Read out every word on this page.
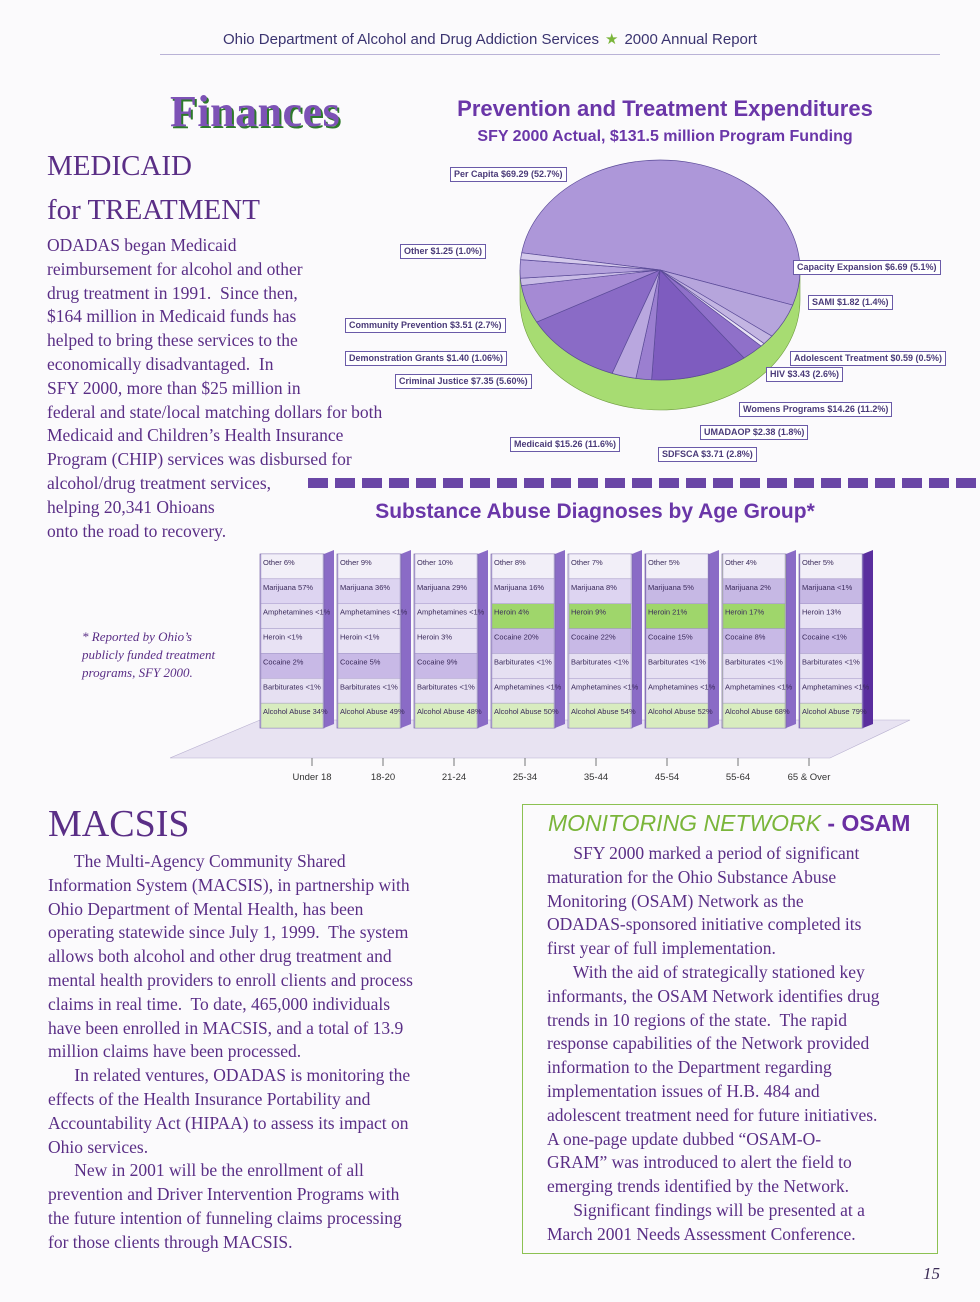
Ohio Department of Alcohol and Drug Addiction Services ★ 2000 Annual Report
Finances
MEDICAID
for TREATMENT
ODADAS began Medicaid
reimbursement for alcohol and other
drug treatment in 1991.  Since then,
$164 million in Medicaid funds has
helped to bring these services to the
economically disadvantaged.  In
SFY 2000, more than $25 million in
federal and state/local matching dollars for both
Medicaid and Children’s Health Insurance
Program (CHIP) services was disbursed for
alcohol/drug treatment services,
helping 20,341 Ohioans
onto the road to recovery.
Prevention and Treatment Expenditures
SFY 2000 Actual, $131.5 million Program Funding
Per Capita $69.29 (52.7%)
Capacity Expansion $6.69 (5.1%)
SAMI $1.82 (1.4%)
Adolescent Treatment $0.59 (0.5%)
HIV $3.43 (2.6%)
Womens Programs $14.26 (11.2%)
UMADAOP $2.38 (1.8%)
SDFSCA $3.71 (2.8%)
Medicaid $15.26 (11.6%)
Criminal Justice $7.35 (5.60%)
Demonstration Grants $1.40 (1.06%)
Community Prevention $3.51 (2.7%)
Other $1.25 (1.0%)
Substance Abuse Diagnoses by Age Group*
* Reported by Ohio’s
publicly funded treatment
programs, SFY 2000.
Other 6%
Marijuana 57%
Amphetamines <1%
Heroin <1%
Cocaine 2%
Barbiturates <1%
Alcohol Abuse 34%
Under 18
Other 9%
Marijuana 36%
Amphetamines <1%
Heroin <1%
Cocaine 5%
Barbiturates <1%
Alcohol Abuse 49%
18-20
Other 10%
Marijuana 29%
Amphetamines <1%
Heroin 3%
Cocaine 9%
Barbiturates <1%
Alcohol Abuse 48%
21-24
Other 8%
Marijuana 16%
Heroin 4%
Cocaine 20%
Barbiturates <1%
Amphetamines <1%
Alcohol Abuse 50%
25-34
Other 7%
Marijuana 8%
Heroin 9%
Cocaine 22%
Barbiturates <1%
Amphetamines <1%
Alcohol Abuse 54%
35-44
Other 5%
Marijuana 5%
Heroin 21%
Cocaine 15%
Barbiturates <1%
Amphetamines <1%
Alcohol Abuse 52%
45-54
Other 4%
Marijuana 2%
Heroin 17%
Cocaine 8%
Barbiturates <1%
Amphetamines <1%
Alcohol Abuse 68%
55-64
Other 5%
Marijuana <1%
Heroin 13%
Cocaine <1%
Barbiturates <1%
Amphetamines <1%
Alcohol Abuse 79%
65 & Over
MACSIS
The Multi-Agency Community Shared
Information System (MACSIS), in partnership with
Ohio Department of Mental Health, has been
operating statewide since July 1, 1999.  The system
allows both alcohol and other drug treatment and
mental health providers to enroll clients and process
claims in real time.  To date, 465,000 individuals
have been enrolled in MACSIS, and a total of 13.9
million claims have been processed.
In related ventures, ODADAS is monitoring the
effects of the Health Insurance Portability and
Accountability Act (HIPAA) to assess its impact on
Ohio services.
New in 2001 will be the enrollment of all
prevention and Driver Intervention Programs with
the future intention of funneling claims processing
for those clients through MACSIS.
MONITORING NETWORK - OSAM
SFY 2000 marked a period of significant
maturation for the Ohio Substance Abuse
Monitoring (OSAM) Network as the
ODADAS-sponsored initiative completed its
first year of full implementation.
With the aid of strategically stationed key
informants, the OSAM Network identifies drug
trends in 10 regions of the state.  The rapid
response capabilities of the Network provided
information to the Department regarding
implementation issues of H.B. 484 and
adolescent treatment need for future initiatives.
A one-page update dubbed “OSAM-O-
GRAM” was introduced to alert the field to
emerging trends identified by the Network.
Significant findings will be presented at a
March 2001 Needs Assessment Conference.
15
